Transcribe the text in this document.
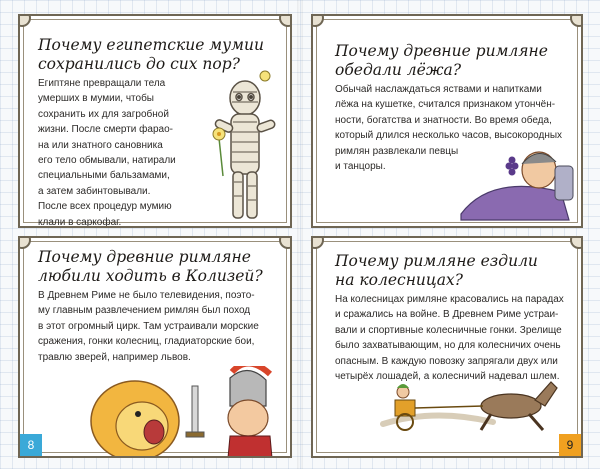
Почему египетские мумии
сохранились до сих пор?
Египтяне превращали тела
умерших в мумии, чтобы
сохранить их для загробной
жизни. После смерти фарао-
на или знатного сановника
его тело обмывали, натирали
специальными бальзамами,
а затем забинтовывали.
После всех процедур мумию
клали в саркофаг.
Почему древние римляне
любили ходить в Колизей?
В Древнем Риме не было телевидения, поэто-
му главным развлечением римлян был поход
в этот огромный цирк. Там устраивали морские
сражения, гонки колесниц, гладиаторские бои,
травлю зверей, например львов.
8
Почему древние римляне
обедали лёжа?
Обычай наслаждаться яствами и напитками
лёжа на кушетке, считался признаком утончён-
ности, богатства и знатности. Во время обеда,
который длился несколько часов, высокородных
римлян развлекали певцы
и танцоры.
Почему римляне ездили
на колесницах?
На колесницах римляне красовались на парадах
и сражались на войне. В Древнем Риме устраи-
вали и спортивные колесничные гонки. Зрелище
было захватывающим, но для колесничих очень
опасным. В каждую повозку запрягали двух или
четырёх лошадей, а колесничий надевал шлем.
9
